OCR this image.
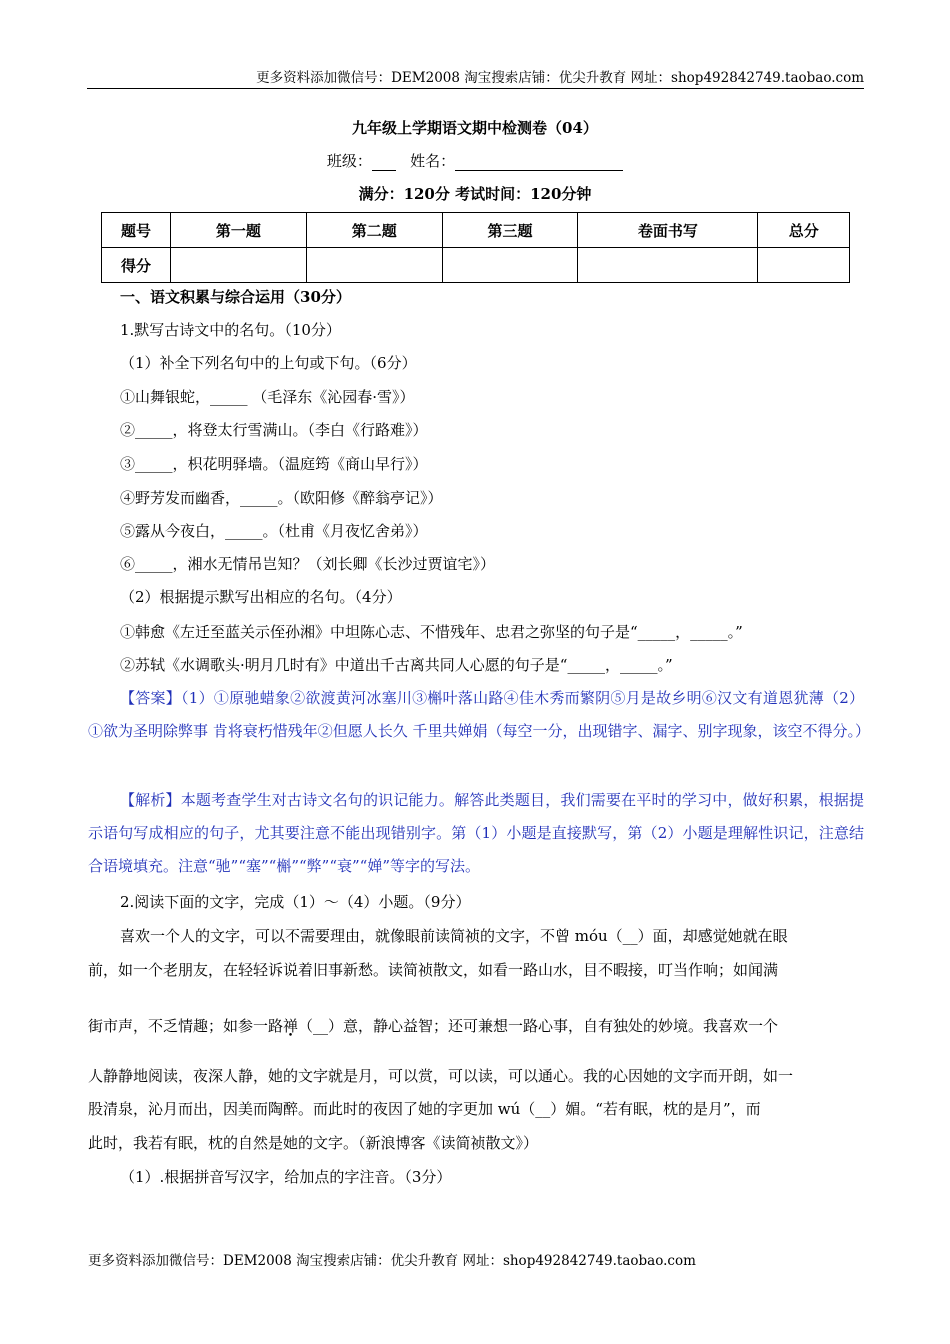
更多资料添加微信号：DEM2008 淘宝搜索店铺：优尖升教育 网址：shop492842749.taobao.com
九年级上学期语文期中检测卷（04）
班级：	姓名：
满分：120分 考试时间：120分钟
题号	第一题	第二题	第三题	卷面书写	总分
得分					
一、语文积累与综合运用（30分）
1.默写古诗文中的名句。（10分）
（1）补全下列名句中的上句或下句。（6分）
①山舞银蛇，_____ （毛泽东《沁园春·雪》）
②_____，将登太行雪满山。（李白《行路难》）
③_____，枳花明驿墙。（温庭筠《商山早行》）
④野芳发而幽香，_____。（欧阳修《醉翁亭记》）
⑤露从今夜白，_____。（杜甫《月夜忆舍弟》）
⑥_____，湘水无情吊岂知？（刘长卿《长沙过贾谊宅》）
（2）根据提示默写出相应的名句。（4分）
①韩愈《左迁至蓝关示侄孙湘》中坦陈心志、不惜残年、忠君之弥坚的句子是“_____，_____。”
②苏轼《水调歌头·明月几时有》中道出千古离共同人心愿的句子是“_____，_____。”
【答案】（1）①原驰蜡象②欲渡黄河冰塞川③槲叶落山路④佳木秀而繁阴⑤月是故乡明⑥汉文有道恩犹薄（2）①欲为圣明除弊事 肯将衰朽惜残年②但愿人长久 千里共婵娟（每空一分，出现错字、漏字、别字现象，该空不得分。）
【解析】本题考查学生对古诗文名句的识记能力。解答此类题目，我们需要在平时的学习中，做好积累，根据提示语句写成相应的句子，尤其要注意不能出现错别字。第（1）小题是直接默写，第（2）小题是理解性识记，注意结合语境填充。注意“驰”“塞”“槲”“弊”“衰”“婵”等字的写法。
2.阅读下面的文字，完成（1）～（4）小题。（9分）
喜欢一个人的文字，可以不需要理由，就像眼前读简祯的文字，不曾 móu（__）面，却感觉她就在眼
前，如一个老朋友，在轻轻诉说着旧事新愁。读简祯散文，如看一路山水，目不暇接，叮当作响；如闻满
街市声，不乏情趣；如参一路禅（__）意，静心益智；还可兼想一路心事，自有独处的妙境。我喜欢一个
人静静地阅读，夜深人静，她的文字就是月，可以赏，可以读，可以通心。我的心因她的文字而开朗，如一
股清泉，沁月而出，因美而陶醉。而此时的夜因了她的字更加 wú（__）媚。“若有眠，枕的是月”，而
此时，我若有眠，枕的自然是她的文字。（新浪博客《读简祯散文》）
（1）.根据拼音写汉字，给加点的字注音。（3分）
更多资料添加微信号：DEM2008 淘宝搜索店铺：优尖升教育 网址：shop492842749.taobao.com
